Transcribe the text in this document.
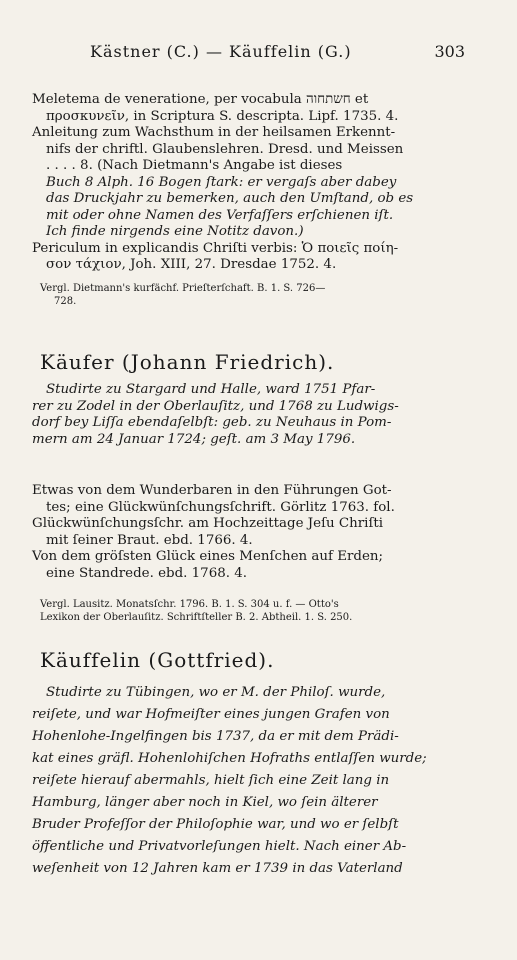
Kästner (C.) — Käuffelin (G.)	303

Meletema de veneratione, per vocabula חשתחוה et

προσκυνεῖν, in Scriptura S. descripta. Lipf. 1735. 4.

Anleitung zum Wachsthum in der heilsamen Erkennt-

nifs der chriftl. Glaubenslehren. Dresd. und Meissen

. . . . 8. (Nach Dietmann's Angabe ist dieses

Buch 8 Alph. 16 Bogen ſtark: er vergaſs aber dabey

das Druckjahr zu bemerken, auch den Umſtand, ob es

mit oder ohne Namen des Verfaſſers erſchienen iſt.

Ich finde nirgends eine Notitz davon.)

Periculum in explicandis Chriſti verbis: Ὁ ποιεῖς ποίη-

σον τάχιον, Joh. XIII, 27. Dresdae 1752. 4.

Vergl. Dietmann's kurfächf. Prieſterſchaft. B. 1. S. 726—

728.

Käufer (Johann Friedrich).

Studirte zu Stargard und Halle, ward 1751 Pfar-

rer zu Zodel in der Oberlauſitz, und 1768 zu Ludwigs-

dorf bey Liſſa ebendaſelbſt: geb. zu Neuhaus in Pom-

mern am 24 Januar 1724; geſt. am 3 May 1796.

Etwas von dem Wunderbaren in den Führungen Got-

tes; eine Glückwünſchungsſchrift. Görlitz 1763. fol.

Glückwünſchungsſchr. am Hochzeittage Jeſu Chriſti

mit ſeiner Braut. ebd. 1766. 4.

Von dem gröſsten Glück eines Menſchen auf Erden;

eine Standrede. ebd. 1768. 4.

Vergl. Lausitz. Monatsſchr. 1796. B. 1. S. 304 u. f. — Otto's

Lexikon der Oberlauſitz. Schriftſteller B. 2. Abtheil. 1. S. 250.

Käuffelin (Gottfried).

Studirte zu Tübingen, wo er M. der Philoſ. wurde,

reiſete, und war Hofmeiſter eines jungen Grafen von

Hohenlohe-Ingelfingen bis 1737, da er mit dem Prädi-

kat eines gräfl. Hohenlohiſchen Hofraths entlaſſen wurde;

reiſete hierauf abermahls, hielt ſich eine Zeit lang in

Hamburg, länger aber noch in Kiel, wo ſein älterer

Bruder Profeſſor der Philoſophie war, und wo er ſelbſt

öffentliche und Privatvorleſungen hielt. Nach einer Ab-

weſenheit von 12 Jahren kam er 1739 in das Vaterland
